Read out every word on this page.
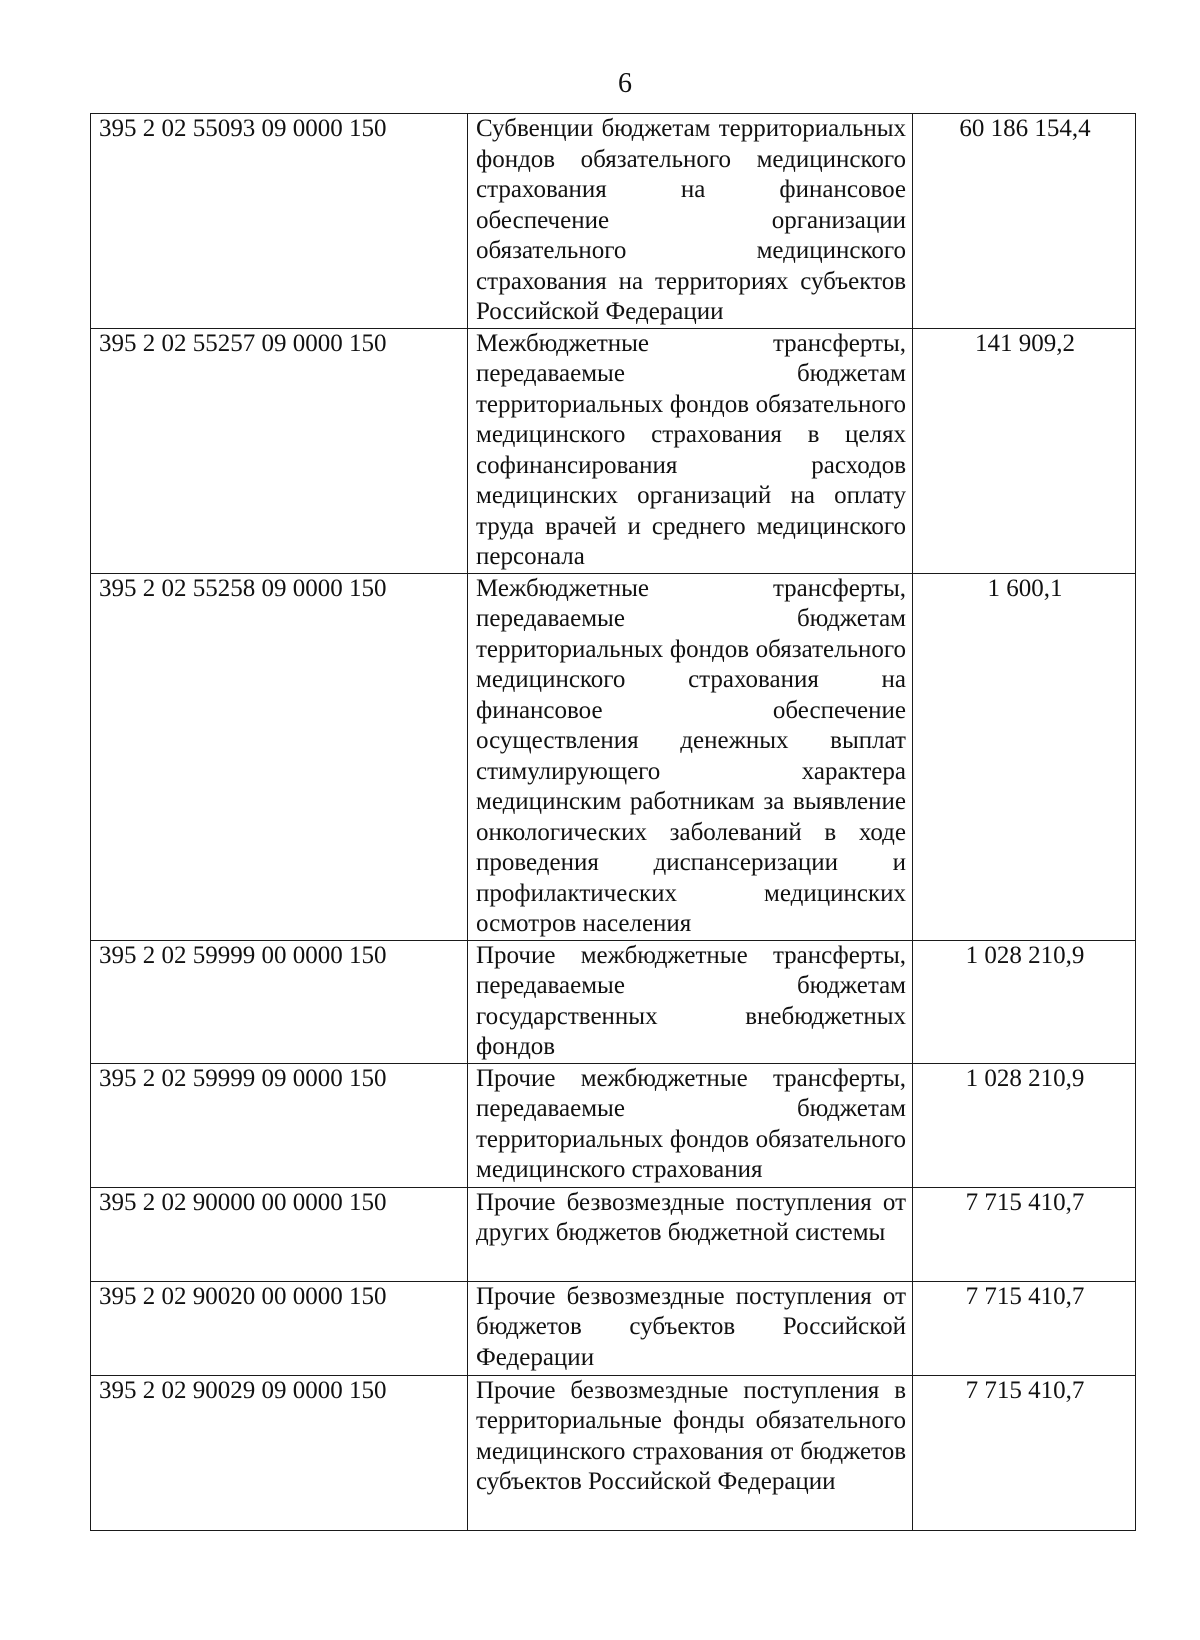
6
395 2 02 55093 09 0000 150	Субвенции бюджетам территориальных фондов обязательного медицинского страхования на финансовое обеспечение организации обязательного медицинского страхования на территориях субъектов Российской Федерации	60 186 154,4
395 2 02 55257 09 0000 150	Межбюджетные трансферты, передаваемые бюджетам территориальных фондов обязательного медицинского страхования в целях софинансирования расходов медицинских организаций на оплату труда врачей и среднего медицинского персонала	141 909,2
395 2 02 55258 09 0000 150	Межбюджетные трансферты, передаваемые бюджетам территориальных фондов обязательного медицинского страхования на финансовое обеспечение осуществления денежных выплат стимулирующего характера медицинским работникам за выявление онкологических заболеваний в ходе проведения диспансеризации и профилактических медицинских осмотров населения	1 600,1
395 2 02 59999 00 0000 150	Прочие межбюджетные трансферты, передаваемые бюджетам государственных внебюджетных фондов	1 028 210,9
395 2 02 59999 09 0000 150	Прочие межбюджетные трансферты, передаваемые бюджетам территориальных фондов обязательного медицинского страхования	1 028 210,9
395 2 02 90000 00 0000 150	Прочие безвозмездные поступления от других бюджетов бюджетной системы	7 715 410,7
395 2 02 90020 00 0000 150	Прочие безвозмездные поступления от бюджетов субъектов Российской Федерации	7 715 410,7
395 2 02 90029 09 0000 150	Прочие безвозмездные поступления в территориальные фонды обязательного медицинского страхования от бюджетов субъектов Российской Федерации	7 715 410,7
